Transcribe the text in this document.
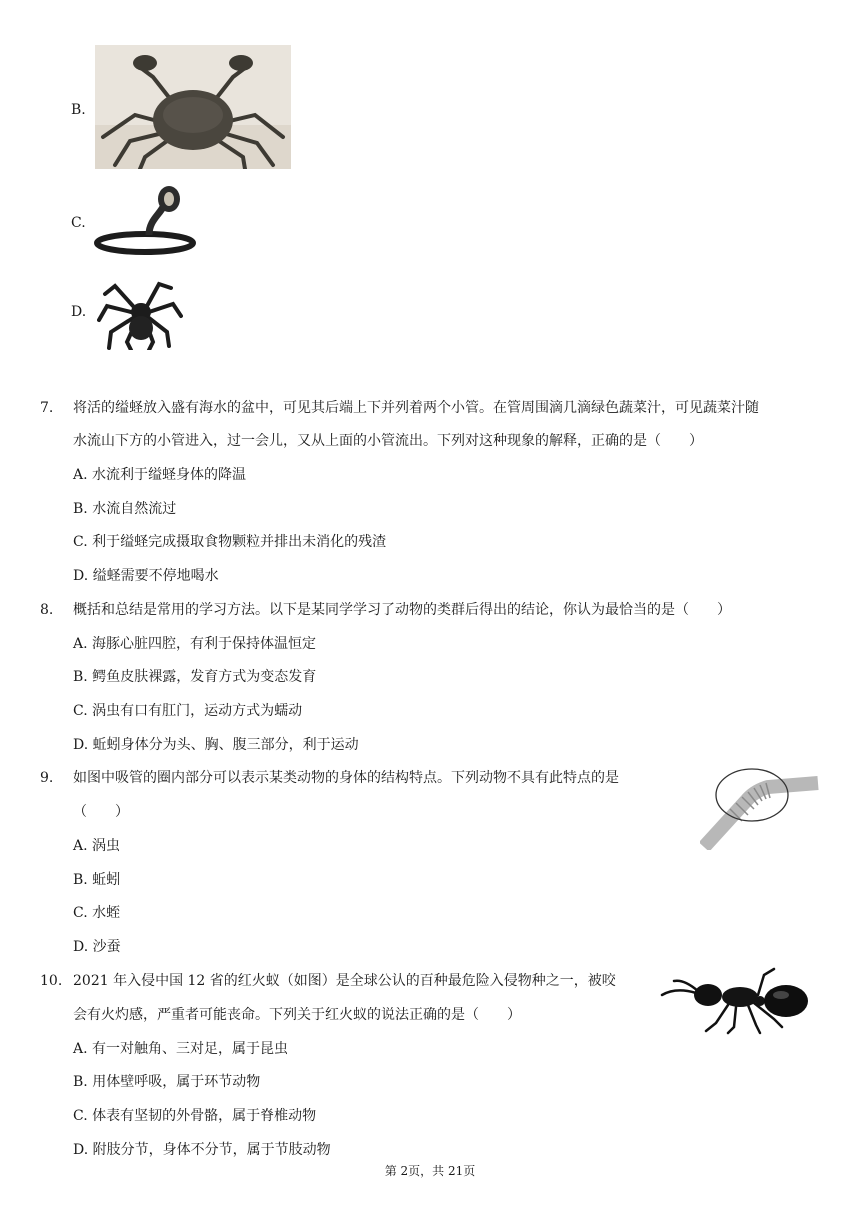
B.
C.
D.
7. 将活的缢蛏放入盛有海水的盆中，可见其后端上下并列着两个小管。在管周围滴几滴绿色蔬菜汁，可见蔬菜汁随
水流山下方的小管进入，过一会儿，又从上面的小管流出。下列对这种现象的解释，正确的是（　　）
A. 水流利于缢蛏身体的降温
B. 水流自然流过
C. 利于缢蛏完成摄取食物颗粒并排出未消化的残渣
D. 缢蛏需要不停地喝水
8. 概括和总结是常用的学习方法。以下是某同学学习了动物的类群后得出的结论，你认为最恰当的是（　　）
A. 海豚心脏四腔，有利于保持体温恒定
B. 鳄鱼皮肤裸露，发育方式为变态发育
C. 涡虫有口有肛门，运动方式为蠕动
D. 蚯蚓身体分为头、胸、腹三部分，利于运动
9. 如图中吸管的圈内部分可以表示某类动物的身体的结构特点。下列动物不具有此特点的是
（　　）
A. 涡虫
B. 蚯蚓
C. 水蛭
D. 沙蚕
10. 2021 年入侵中国 12 省的红火蚁（如图）是全球公认的百种最危险入侵物种之一，被咬
会有火灼感，严重者可能丧命。下列关于红火蚁的说法正确的是（　　）
A. 有一对触角、三对足，属于昆虫
B. 用体壁呼吸，属于环节动物
C. 体表有坚韧的外骨骼，属于脊椎动物
D. 附肢分节，身体不分节，属于节肢动物
第 2页，共 21页
